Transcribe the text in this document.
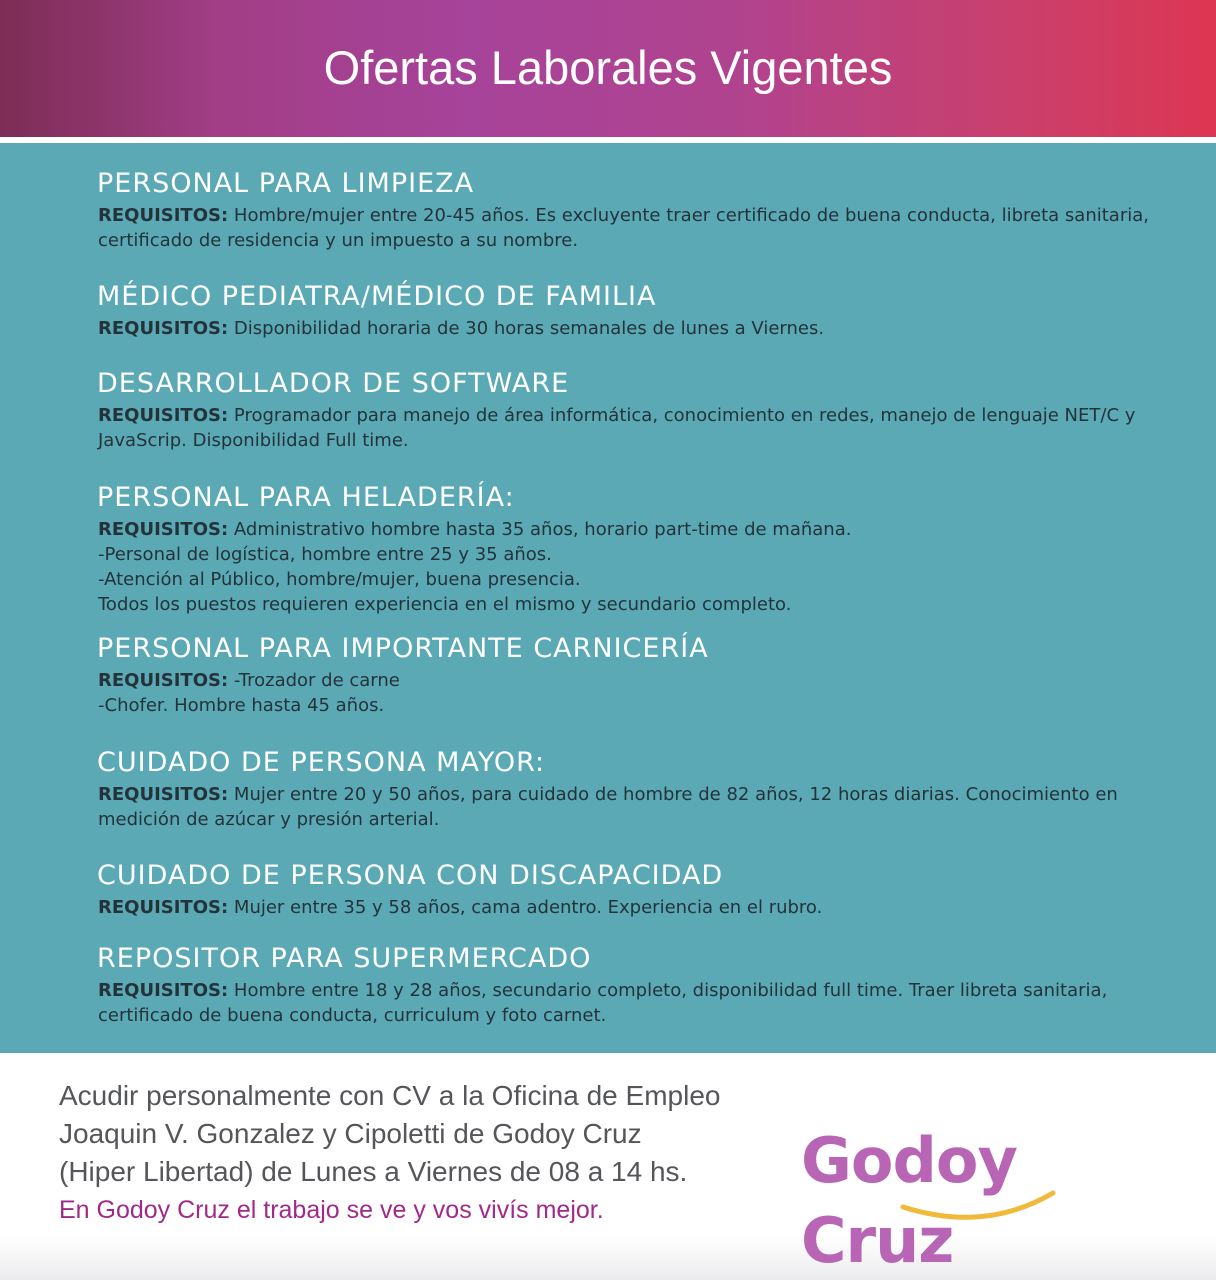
Ofertas Laborales Vigentes
PERSONAL PARA LIMPIEZA
REQUISITOS: Hombre/mujer entre 20-45 años. Es excluyente traer certificado de buena conducta, libreta sanitaria, certificado de residencia y un impuesto a su nombre.
MÉDICO PEDIATRA/MÉDICO DE FAMILIA
REQUISITOS: Disponibilidad horaria de 30 horas semanales de lunes a Viernes.
DESARROLLADOR DE SOFTWARE
REQUISITOS: Programador para manejo de área informática, conocimiento en redes, manejo de lenguaje NET/C y JavaScrip. Disponibilidad Full time.
PERSONAL PARA HELADERÍA:
REQUISITOS: Administrativo hombre hasta 35 años, horario part-time de mañana.
-Personal de logística, hombre entre 25 y 35 años.
-Atención al Público, hombre/mujer, buena presencia.
Todos los puestos requieren experiencia en el mismo y secundario completo.
PERSONAL PARA IMPORTANTE CARNICERÍA
REQUISITOS: -Trozador de carne
-Chofer. Hombre hasta 45 años.
CUIDADO DE PERSONA MAYOR:
REQUISITOS: Mujer entre 20 y 50 años, para cuidado de hombre de 82 años, 12 horas diarias. Conocimiento en medición de azúcar y presión arterial.
CUIDADO DE PERSONA CON DISCAPACIDAD
REQUISITOS: Mujer entre 35 y 58 años, cama adentro. Experiencia en el rubro.
REPOSITOR PARA SUPERMERCADO
REQUISITOS: Hombre entre 18 y 28 años, secundario completo, disponibilidad full time. Traer libreta sanitaria, certificado de buena conducta, curriculum y foto carnet.
Acudir personalmente con CV a la Oficina de Empleo
Joaquin V. Gonzalez y Cipoletti de Godoy Cruz
(Hiper Libertad) de Lunes a Viernes de 08 a 14 hs.
En Godoy Cruz el trabajo se ve y vos vivís mejor.
Godoy Cruz
